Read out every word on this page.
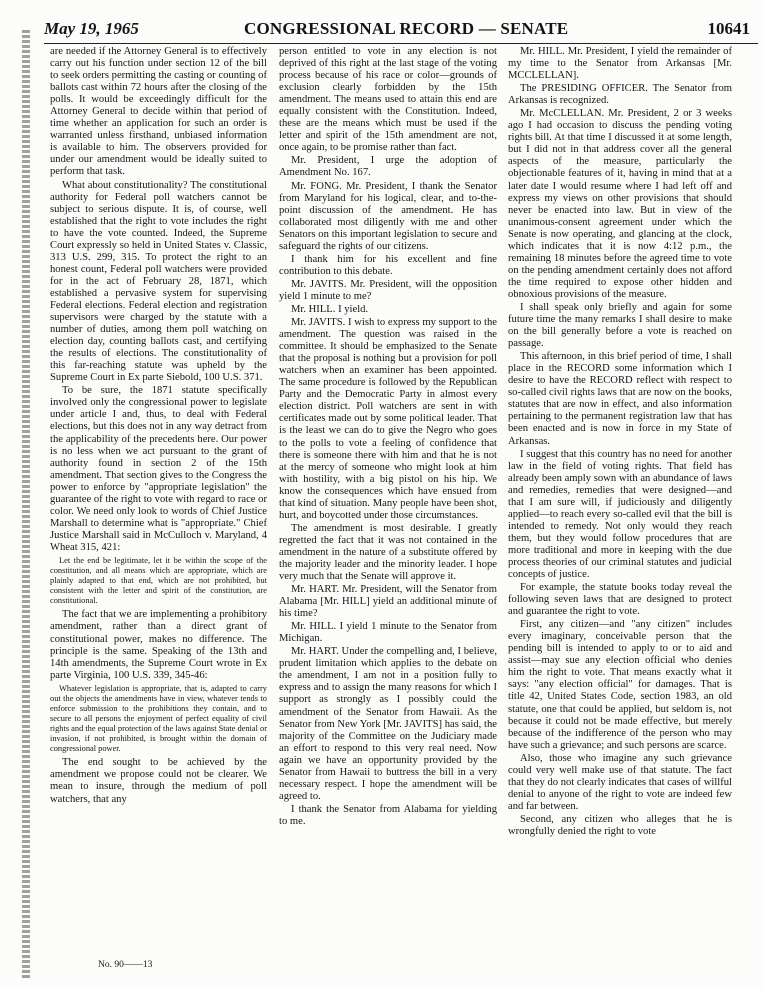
May 19, 1965	CONGRESSIONAL RECORD — SENATE	10641

are needed if the Attorney General is to effectively carry out his function under section 12 of the bill to seek orders permitting the casting or counting of ballots cast within 72 hours after the closing of the polls. It would be exceedingly difficult for the Attorney General to decide within that period of time whether an application for such an order is warranted unless firsthand, unbiased information is available to him. The observers provided for under our amendment would be ideally suited to perform that task.

What about constitutionality? The constitutional authority for Federal poll watchers cannot be subject to serious dispute. It is, of course, well established that the right to vote includes the right to have the vote counted. Indeed, the Supreme Court expressly so held in United States v. Classic, 313 U.S. 299, 315. To protect the right to an honest count, Federal poll watchers were provided for in the act of February 28, 1871, which established a pervasive system for supervising Federal elections. Federal election and registration supervisors were charged by the statute with a number of duties, among them poll watching on election day, counting ballots cast, and certifying the results of elections. The constitutionality of this far-reaching statute was upheld by the Supreme Court in Ex parte Siebold, 100 U.S. 371.

To be sure, the 1871 statute specifically involved only the congressional power to legislate under article I and, thus, to deal with Federal elections, but this does not in any way detract from the applicability of the precedents here. Our power is no less when we act pursuant to the grant of authority found in section 2 of the 15th amendment. That section gives to the Congress the power to enforce by "appropriate legislation" the guarantee of the right to vote with regard to race or color. We need only look to words of Chief Justice Marshall to determine what is "appropriate." Chief Justice Marshall said in McCulloch v. Maryland, 4 Wheat 315, 421:

Let the end be legitimate, let it be within the scope of the constitution, and all means which are appropriate, which are plainly adapted to that end, which are not prohibited, but consistent with the letter and spirit of the constitution, are constitutional.

The fact that we are implementing a prohibitory amendment, rather than a direct grant of constitutional power, makes no difference. The principle is the same. Speaking of the 13th and 14th amendments, the Supreme Court wrote in Ex parte Virginia, 100 U.S. 339, 345-46:

Whatever legislation is appropriate, that is, adapted to carry out the objects the amendments have in view, whatever tends to enforce submission to the prohibitions they contain, and to secure to all persons the enjoyment of perfect equality of civil rights and the equal protection of the laws against State denial or invasion, if not prohibited, is brought within the domain of congressional power.

The end sought to be achieved by the amendment we propose could not be clearer. We mean to insure, through the medium of poll watchers, that any

person entitled to vote in any election is not deprived of this right at the last stage of the voting process because of his race or color—grounds of exclusion clearly forbidden by the 15th amendment. The means used to attain this end are equally consistent with the Constitution. Indeed, these are the means which must be used if the letter and spirit of the 15th amendment are not, once again, to be promise rather than fact.

Mr. President, I urge the adoption of Amendment No. 167.

Mr. FONG. Mr. President, I thank the Senator from Maryland for his logical, clear, and to-the-point discussion of the amendment. He has collaborated most diligently with me and other Senators on this important legislation to secure and safeguard the rights of our citizens.

I thank him for his excellent and fine contribution to this debate.

Mr. JAVITS. Mr. President, will the opposition yield 1 minute to me?

Mr. HILL. I yield.

Mr. JAVITS. I wish to express my support to the amendment. The question was raised in the committee. It should be emphasized to the Senate that the proposal is nothing but a provision for poll watchers when an examiner has been appointed. The same procedure is followed by the Republican Party and the Democratic Party in almost every election district. Poll watchers are sent in with certificates made out by some political leader. That is the least we can do to give the Negro who goes to the polls to vote a feeling of confidence that there is someone there with him and that he is not at the mercy of someone who might look at him with hostility, with a big pistol on his hip. We know the consequences which have ensued from that kind of situation. Many people have been shot, hurt, and boycotted under those circumstances.

The amendment is most desirable. I greatly regretted the fact that it was not contained in the amendment in the nature of a substitute offered by the majority leader and the minority leader. I hope very much that the Senate will approve it.

Mr. HART. Mr. President, will the Senator from Alabama [Mr. HILL] yield an additional minute of his time?

Mr. HILL. I yield 1 minute to the Senator from Michigan.

Mr. HART. Under the compelling and, I believe, prudent limitation which applies to the debate on the amendment, I am not in a position fully to express and to assign the many reasons for which I support as strongly as I possibly could the amendment of the Senator from Hawaii. As the Senator from New York [Mr. JAVITS] has said, the majority of the Committee on the Judiciary made an effort to respond to this very real need. Now again we have an opportunity provided by the Senator from Hawaii to buttress the bill in a very necessary respect. I hope the amendment will be agreed to.

I thank the Senator from Alabama for yielding to me.

Mr. HILL. Mr. President, I yield the remainder of my time to the Senator from Arkansas [Mr. MCCLELLAN].

The PRESIDING OFFICER. The Senator from Arkansas is recognized.

Mr. McCLELLAN. Mr. President, 2 or 3 weeks ago I had occasion to discuss the pending voting rights bill. At that time I discussed it at some length, but I did not in that address cover all the general aspects of the measure, particularly the objectionable features of it, having in mind that at a later date I would resume where I had left off and express my views on other provisions that should never be enacted into law. But in view of the unanimous-consent agreement under which the Senate is now operating, and glancing at the clock, which indicates that it is now 4:12 p.m., the remaining 18 minutes before the agreed time to vote on the pending amendment certainly does not afford the time required to expose other hidden and obnoxious provisions of the measure.

I shall speak only briefly and again for some future time the many remarks I shall desire to make on the bill generally before a vote is reached on passage.

This afternoon, in this brief period of time, I shall place in the RECORD some information which I desire to have the RECORD reflect with respect to so-called civil rights laws that are now on the books, statutes that are now in effect, and also information pertaining to the permanent registration law that has been enacted and is now in force in my State of Arkansas.

I suggest that this country has no need for another law in the field of voting rights. That field has already been amply sown with an abundance of laws and remedies, remedies that were designed—and that I am sure will, if judiciously and diligently applied—to reach every so-called evil that the bill is intended to remedy. Not only would they reach them, but they would follow procedures that are more traditional and more in keeping with the due process theories of our criminal statutes and judicial concepts of justice.

For example, the statute books today reveal the following seven laws that are designed to protect and guarantee the right to vote.

First, any citizen—and "any citizen" includes every imaginary, conceivable person that the pending bill is intended to apply to or to aid and assist—may sue any election official who denies him the right to vote. That means exactly what it says: "any election official" for damages. That is title 42, United States Code, section 1983, an old statute, one that could be applied, but seldom is, not because it could not be made effective, but merely because of the indifference of the person who may have such a grievance; and such persons are scarce.

Also, those who imagine any such grievance could very well make use of that statute. The fact that they do not clearly indicates that cases of willful denial to anyone of the right to vote are indeed few and far between.

Second, any citizen who alleges that he is wrongfully denied the right to vote

No. 90——13
